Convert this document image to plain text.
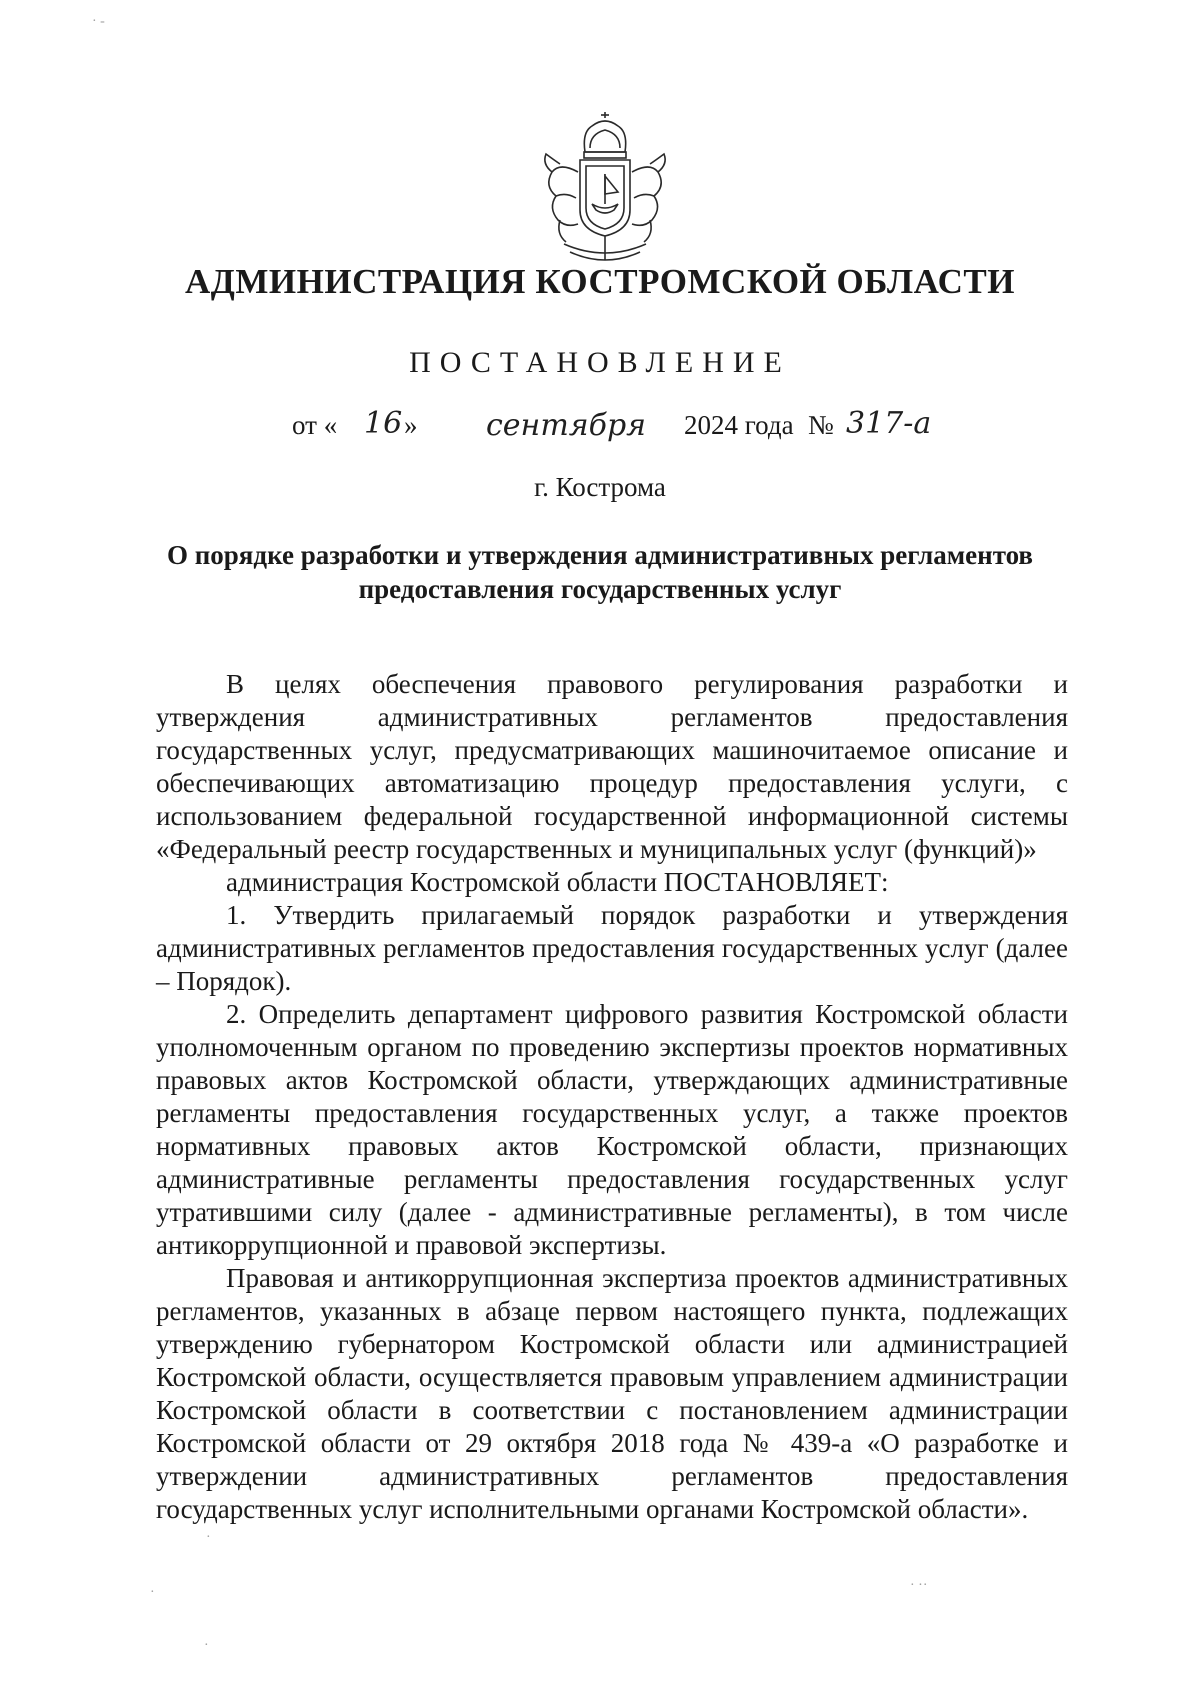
· -
АДМИНИСТРАЦИЯ КОСТРОМСКОЙ ОБЛАСТИ
ПОСТАНОВЛЕНИЕ
от « 16 » сентября 2024 года № 317-а
г. Кострома
О порядке разработки и утверждения административных регламентов предоставления государственных услуг

В целях обеспечения правового регулирования разработки и утверждения административных регламентов предоставления государственных услуг, предусматривающих машиночитаемое описание и обеспечивающих автоматизацию процедур предоставления услуги, с использованием федеральной государственной информационной системы «Федеральный реестр государственных и муниципальных услуг (функций)»

администрация Костромской области ПОСТАНОВЛЯЕТ:

1. Утвердить прилагаемый порядок разработки и утверждения административных регламентов предоставления государственных услуг (далее – Порядок).

2. Определить департамент цифрового развития Костромской области уполномоченным органом по проведению экспертизы проектов нормативных правовых актов Костромской области, утверждающих административные регламенты предоставления государственных услуг, а также проектов нормативных правовых актов Костромской области, признающих административные регламенты предоставления государственных услуг утратившими силу (далее - административные регламенты), в том числе антикоррупционной и правовой экспертизы.

Правовая и антикоррупционная экспертиза проектов административных регламентов, указанных в абзаце первом настоящего пункта, подлежащих утверждению губернатором Костромской области или администрацией Костромской области, осуществляется правовым управлением администрации Костромской области в соответствии с постановлением администрации Костромской области от 29 октября 2018 года № 439-а «О разработке и утверждении административных регламентов предоставления государственных услуг исполнительными органами Костромской области».

·
·	· ··
·
